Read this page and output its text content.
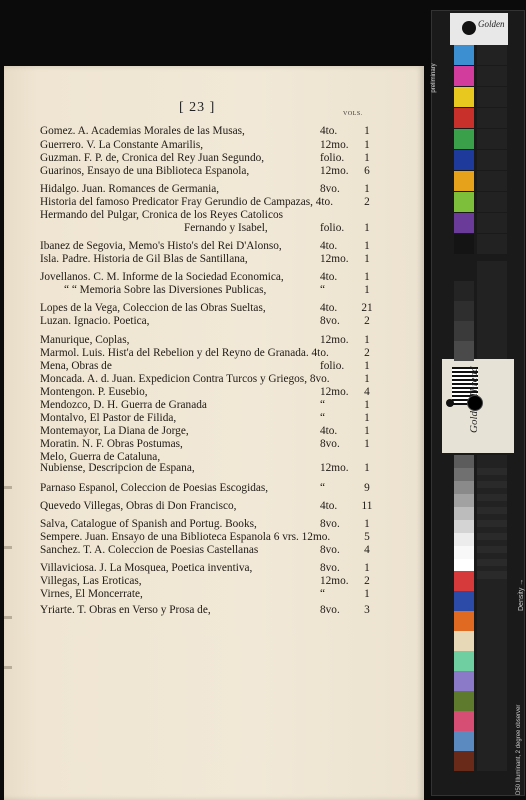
[ 23 ]	VOLS.
Gomez. A. Academias Morales de las Musas,	4to.	1
Guerrero. V. La Constante Amarilis,	12mo.	1
Guzman. F. P. de, Cronica del Rey Juan Segundo,	folio.	1
Guarinos, Ensayo de una Biblioteca Espanola,	12mo.	6
Hidalgo. Juan. Romances de Germania,	8vo.	1
Historia del famoso Predicator Fray Gerundio de Campazas, 4to.	2
Hermando del Pulgar, Cronica de los Reyes Catolicos
Fernando y Isabel,	folio.	1
Ibanez de Segovia, Memo's Histo's del Rei D'Alonso,	4to.	1
Isla. Padre. Historia de Gil Blas de Santillana,	12mo.	1
Jovellanos. C. M. Informe de la Sociedad Economica,	4to.	1
“ “ Memoria Sobre las Diversiones Publicas,	“	1
Lopes de la Vega, Coleccion de las Obras Sueltas,	4to.	21
Luzan. Ignacio. Poetica,	8vo.	2
Manurique, Coplas,	12mo.	1
Marmol. Luis. Hist'a del Rebelion y del Reyno de Granada. 4to.	2
Mena, Obras de	folio.	1
Moncada. A. d. Juan. Expedicion Contra Turcos y Griegos, 8vo.	1
Montengon. P. Eusebio,	12mo.	4
Mendozco, D. H. Guerra de Granada	“	1
Montalvo, El Pastor de Filida,	“	1
Montemayor, La Diana de Jorge,	4to.	1
Moratin. N. F. Obras Postumas,	8vo.	1
Melo, Guerra de Cataluna,
Nubiense, Descripcion de Espana,	12mo.	1
Parnaso Espanol, Coleccion de Poesias Escogidas,	“	9
Quevedo Villegas, Obras di Don Francisco,	4to.	11
Salva, Catalogue of Spanish and Portug. Books,	8vo.	1
Sempere. Juan. Ensayo de una Biblioteca Espanola 6 vrs. 12mo.	5
Sanchez. T. A. Coleccion de Poesias Castellanas	8vo.	4
Villaviciosa. J. La Mosquea, Poetica inventiva,	8vo.	1
Villegas, Las Eroticas,	12mo.	2
Virnes, El Moncerrate,	“	1
Yriarte. T. Obras en Verso y Prosa de,	8vo.	3
Golden
preliminary
Density →
D50 Illuminant, 2 degree observer
